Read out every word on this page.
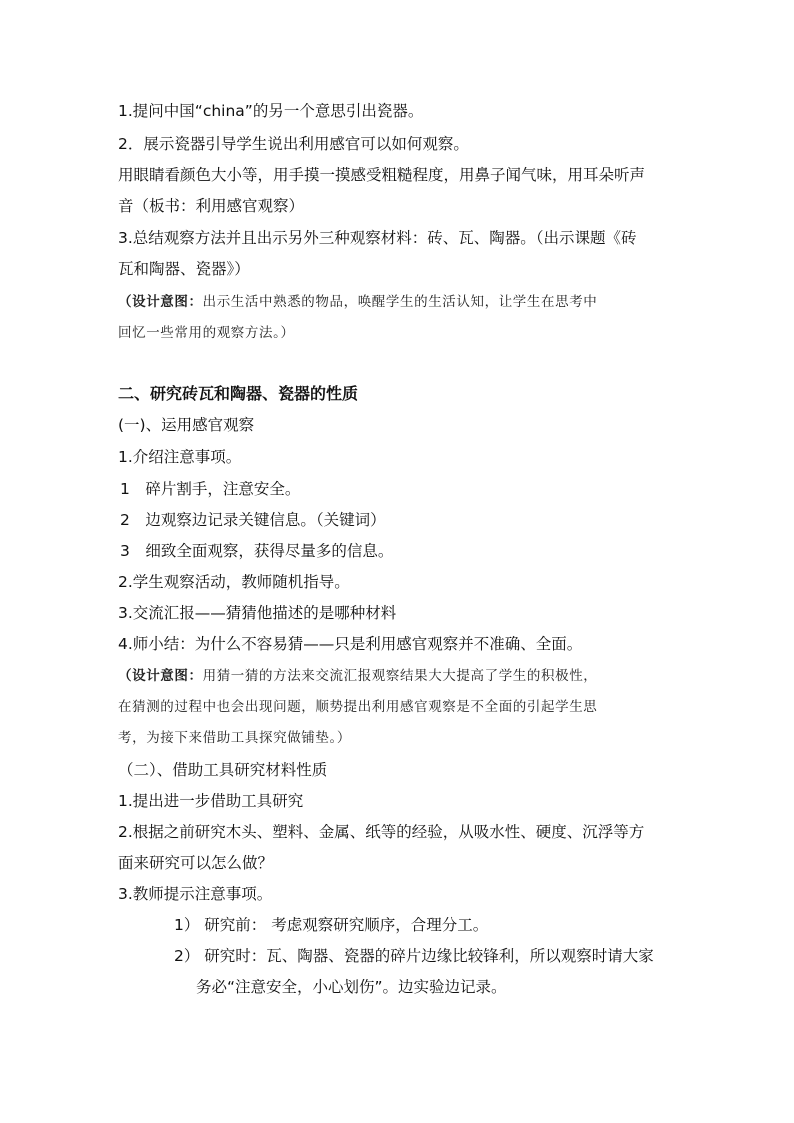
1.提问中国“china”的另一个意思引出瓷器。
2．展示瓷器引导学生说出利用感官可以如何观察。
用眼睛看颜色大小等，用手摸一摸感受粗糙程度，用鼻子闻气味，用耳朵听声
音（板书：利用感官观察）
3.总结观察方法并且出示另外三种观察材料：砖、瓦、陶器。（出示课题《砖
瓦和陶器、瓷器》）
（设计意图：出示生活中熟悉的物品，唤醒学生的生活认知，让学生在思考中
回忆一些常用的观察方法。）
二、研究砖瓦和陶器、瓷器的性质
(一)、运用感官观察
1.介绍注意事项。
1　碎片割手，注意安全。
2　边观察边记录关键信息。（关键词）
3　细致全面观察，获得尽量多的信息。
2.学生观察活动，教师随机指导。
3.交流汇报——猜猜他描述的是哪种材料
4.师小结：为什么不容易猜——只是利用感官观察并不准确、全面。
（设计意图：用猜一猜的方法来交流汇报观察结果大大提高了学生的积极性，
在猜测的过程中也会出现问题，顺势提出利用感官观察是不全面的引起学生思
考，为接下来借助工具探究做铺垫。）
（二）、借助工具研究材料性质
1.提出进一步借助工具研究
2.根据之前研究木头、塑料、金属、纸等的经验，从吸水性、硬度、沉浮等方
面来研究可以怎么做？
3.教师提示注意事项。
1） 研究前： 考虑观察研究顺序，合理分工。
2） 研究时：瓦、陶器、瓷器的碎片边缘比较锋利，所以观察时请大家
务必“注意安全，小心划伤”。边实验边记录。
